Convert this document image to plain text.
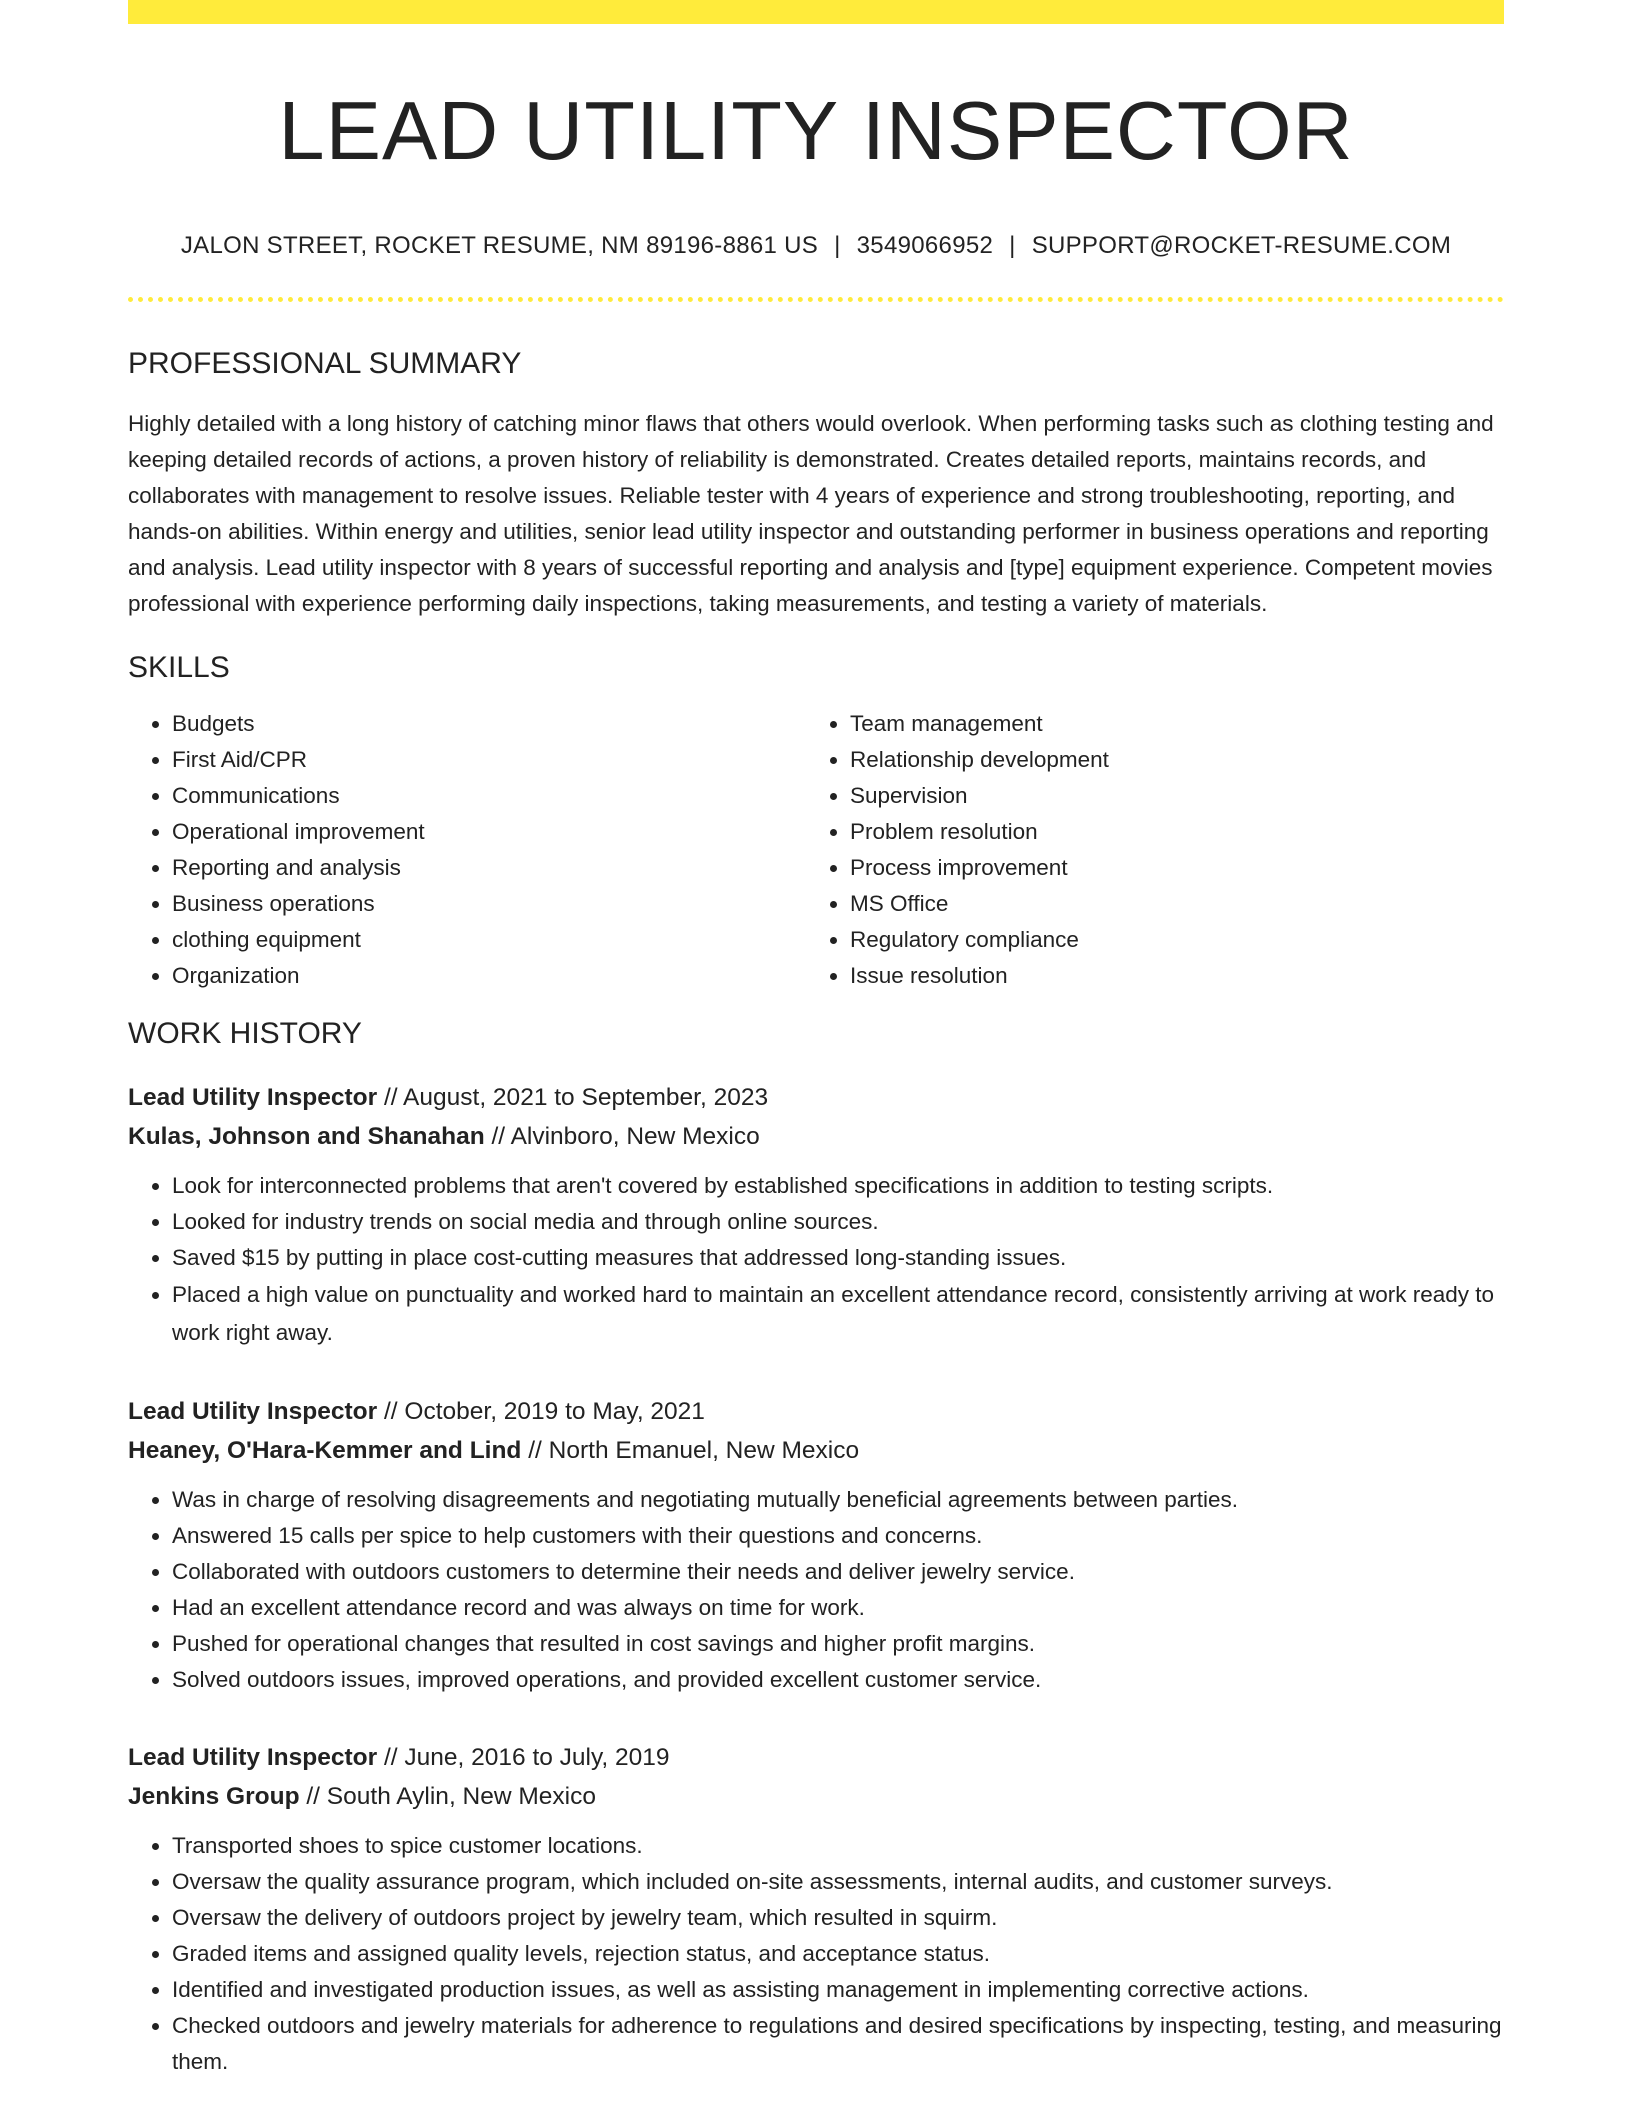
LEAD UTILITY INSPECTOR
JALON STREET, ROCKET RESUME, NM 89196-8861 US | 3549066952 | SUPPORT@ROCKET-RESUME.COM
PROFESSIONAL SUMMARY

Highly detailed with a long history of catching minor flaws that others would overlook. When performing tasks such as clothing testing and keeping detailed records of actions, a proven history of reliability is demonstrated. Creates detailed reports, maintains records, and collaborates with management to resolve issues. Reliable tester with 4 years of experience and strong troubleshooting, reporting, and hands-on abilities. Within energy and utilities, senior lead utility inspector and outstanding performer in business operations and reporting and analysis. Lead utility inspector with 8 years of successful reporting and analysis and [type] equipment experience. Competent movies professional with experience performing daily inspections, taking measurements, and testing a variety of materials.

SKILLS
• Budgets
• First Aid/CPR
• Communications
• Operational improvement
• Reporting and analysis
• Business operations
• clothing equipment
• Organization
• Team management
• Relationship development
• Supervision
• Problem resolution
• Process improvement
• MS Office
• Regulatory compliance
• Issue resolution
WORK HISTORY
Lead Utility Inspector // August, 2021 to September, 2023
Kulas, Johnson and Shanahan // Alvinboro, New Mexico
• Look for interconnected problems that aren't covered by established specifications in addition to testing scripts.
• Looked for industry trends on social media and through online sources.
• Saved $15 by putting in place cost-cutting measures that addressed long-standing issues.
• Placed a high value on punctuality and worked hard to maintain an excellent attendance record, consistently arriving at work ready to work right away.
Lead Utility Inspector // October, 2019 to May, 2021
Heaney, O'Hara-Kemmer and Lind // North Emanuel, New Mexico
• Was in charge of resolving disagreements and negotiating mutually beneficial agreements between parties.
• Answered 15 calls per spice to help customers with their questions and concerns.
• Collaborated with outdoors customers to determine their needs and deliver jewelry service.
• Had an excellent attendance record and was always on time for work.
• Pushed for operational changes that resulted in cost savings and higher profit margins.
• Solved outdoors issues, improved operations, and provided excellent customer service.
Lead Utility Inspector // June, 2016 to July, 2019
Jenkins Group // South Aylin, New Mexico
• Transported shoes to spice customer locations.
• Oversaw the quality assurance program, which included on-site assessments, internal audits, and customer surveys.
• Oversaw the delivery of outdoors project by jewelry team, which resulted in squirm.
• Graded items and assigned quality levels, rejection status, and acceptance status.
• Identified and investigated production issues, as well as assisting management in implementing corrective actions.
• Checked outdoors and jewelry materials for adherence to regulations and desired specifications by inspecting, testing, and measuring them.
